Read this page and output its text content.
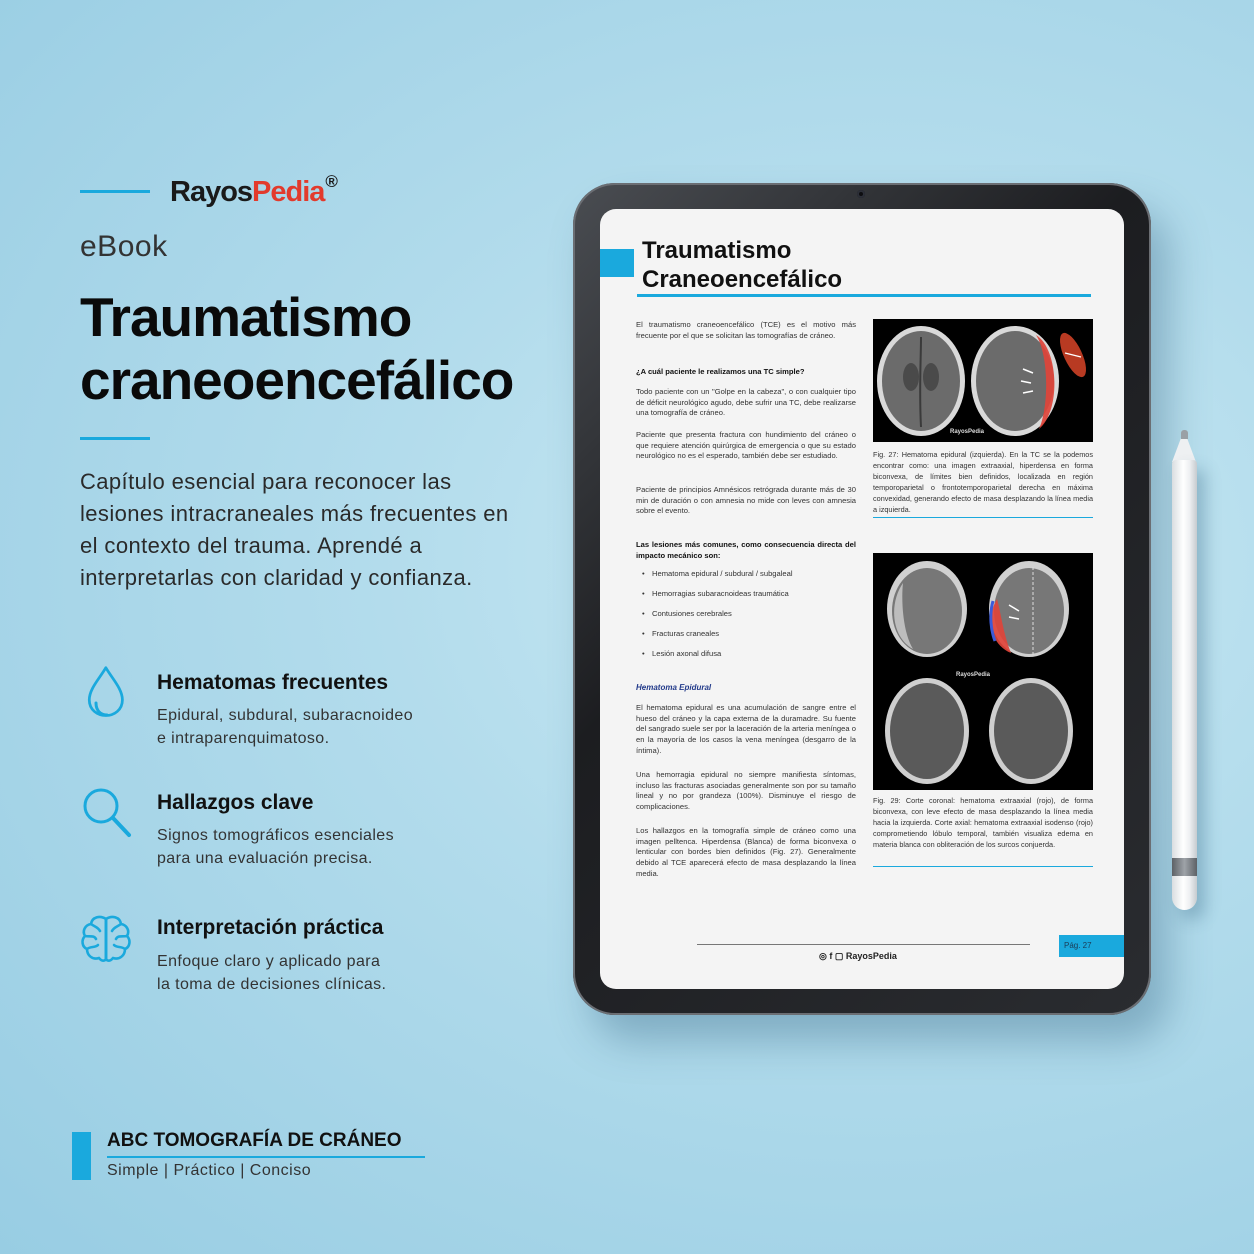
RayosPedia®
eBook
Traumatismo
craneoencefálico
Capítulo esencial para reconocer las lesiones intracraneales más frecuentes en el contexto del trauma. Aprendé a interpretarlas con claridad y confianza.
Hematomas frecuentes
Epidural, subdural, subaracnoideo
e intraparenquimatoso.
Hallazgos clave
Signos tomográficos esenciales
para una evaluación precisa.
Interpretación práctica
Enfoque claro y aplicado para
la toma de decisiones clínicas.
ABC TOMOGRAFÍA DE CRÁNEO
Simple | Práctico | Conciso
Traumatismo
Craneoencefálico
El traumatismo craneoencefálico (TCE) es el motivo más frecuente por el que se solicitan las tomografías de cráneo.
¿A cuál paciente le realizamos una TC simple?
Todo paciente con un "Golpe en la cabeza", o con cualquier tipo de déficit neurológico agudo, debe sufrir una TC, debe realizarse una tomografía de cráneo.
Paciente que presenta fractura con hundimiento del cráneo o que requiere atención quirúrgica de emergencia o que su estado neurológico no es el esperado, también debe ser estudiado.
Paciente de principios Amnésicos retrógrada durante más de 30 min de duración o con amnesia no mide con leves con amnesia sobre el evento.
Las lesiones más comunes, como consecuencia directa del impacto mecánico son:
• Hematoma epidural / subdural / subgaleal
• Hemorragias subaracnoideas traumática
• Contusiones cerebrales
• Fracturas craneales
• Lesión axonal difusa
Hematoma Epidural
El hematoma epidural es una acumulación de sangre entre el hueso del cráneo y la capa externa de la duramadre. Su fuente del sangrado suele ser por la laceración de la arteria meníngea o en la mayoría de los casos la vena meníngea (desgarro de la íntima).
Una hemorragia epidural no siempre manifiesta síntomas, incluso las fracturas asociadas generalmente son por su tamaño lineal y no por grandeza (100%). Disminuye el riesgo de complicaciones.
Los hallazgos en la tomografía simple de cráneo como una imagen pelltenca. Hiperdensa (Blanca) de forma biconvexa o lenticular con bordes bien definidos (Fig. 27). Generalmente debido al TCE aparecerá efecto de masa desplazando la línea media.
RayosPedia
Fig. 27: Hematoma epidural (izquierda). En la TC se la podemos encontrar como: una imagen extraaxial, hiperdensa en forma biconvexa, de límites bien definidos, localizada en región temporoparietal o frontotemporoparietal derecha en máxima convexidad, generando efecto de masa desplazando la línea media a izquierda.
RayosPedia
Fig. 29: Corte coronal: hematoma extraaxial (rojo), de forma biconvexa, con leve efecto de masa desplazando la línea media hacia la izquierda. Corte axial: hematoma extraaxial isodenso (rojo) comprometiendo lóbulo temporal, también visualiza edema en materia blanca con obliteración de los surcos conjuerda.
◎ f ▢ RayosPedia
Pág. 27
